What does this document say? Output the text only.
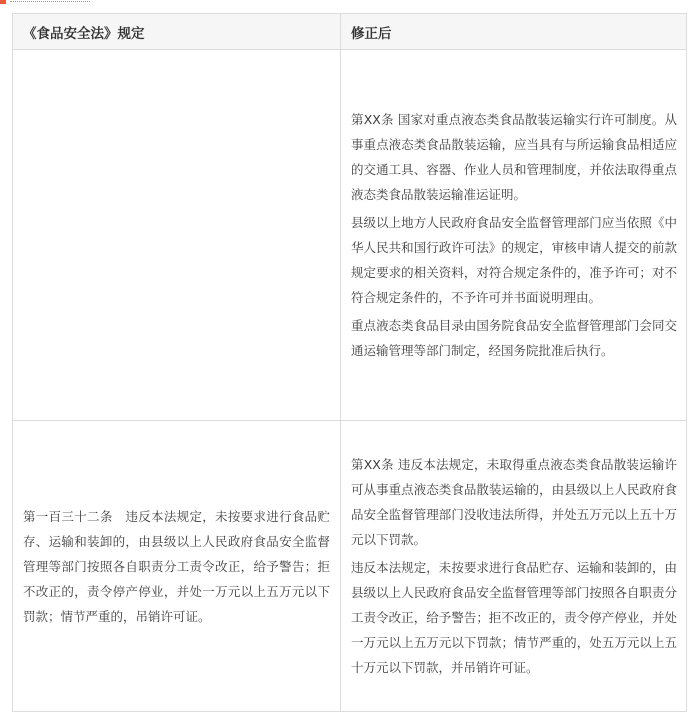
《食品安全法》规定	修正后

	第XX条 国家对重点液态类食品散装运输实行许可制度。从事重点液态类食品散装运输，应当具有与所运输食品相适应的交通工具、容器、作业人员和管理制度，并依法取得重点液态类食品散装运输准运证明。

县级以上地方人民政府食品安全监督管理部门应当依照《中华人民共和国行政许可法》的规定，审核申请人提交的前款规定要求的相关资料，对符合规定条件的，准予许可；对不符合规定条件的，不予许可并书面说明理由。

重点液态类食品目录由国务院食品安全监督管理部门会同交通运输管理等部门制定，经国务院批准后执行。

第一百三十二条　违反本法规定，未按要求进行食品贮存、运输和装卸的，由县级以上人民政府食品安全监督管理等部门按照各自职责分工责令改正，给予警告；拒不改正的，责令停产停业，并处一万元以上五万元以下罚款；情节严重的，吊销许可证。	第XX条 违反本法规定，未取得重点液态类食品散装运输许可从事重点液态类食品散装运输的，由县级以上人民政府食品安全监督管理部门没收违法所得，并处五万元以上五十万元以下罚款。

违反本法规定，未按要求进行食品贮存、运输和装卸的，由县级以上人民政府食品安全监督管理等部门按照各自职责分工责令改正，给予警告；拒不改正的，责令停产停业，并处一万元以上五万元以下罚款；情节严重的，处五万元以上五十万元以下罚款，并吊销许可证。
